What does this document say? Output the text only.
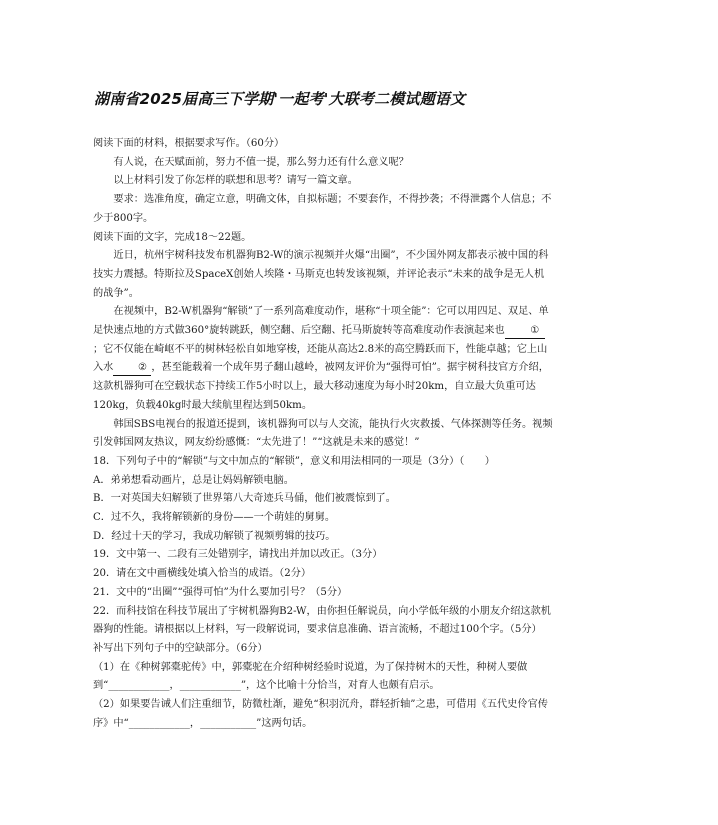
湖南省2025届高三下学期'一起考'大联考二模试题语文

阅读下面的材料，根据要求写作。（60分）

有人说，在天赋面前，努力不值一提，那么努力还有什么意义呢？

以上材料引发了你怎样的联想和思考？请写一篇文章。

要求：选准角度，确定立意，明确文体，自拟标题；不要套作，不得抄袭；不得泄露个人信息；不少于800字。

阅读下面的文字，完成18～22题。

近日，杭州宇树科技发布机器狗B2-W的演示视频并火爆“出圈”，不少国外网友都表示被中国的科技实力震撼。特斯拉及SpaceX创始人埃隆・马斯克也转发该视频，并评论表示“未来的战争是无人机的战争”。

在视频中，B2-W机器狗“解锁”了一系列高难度动作，堪称“十项全能”：它可以用四足、双足、单足快速点地的方式做360°旋转跳跃，侧空翻、后空翻、托马斯旋转等高难度动作表演起来也	①；它不仅能在崎岖不平的树林轻松自如地穿梭，还能从高达2.8米的高空腾跃而下，性能卓越；它上山入水 ② ，甚至能载着一个成年男子翻山越岭，被网友评价为“强得可怕”。据宇树科技官方介绍，这款机器狗可在空载状态下持续工作5小时以上，最大移动速度为每小时20km，自立最大负重可达120kg，负载40kg时最大续航里程达到50km。

韩国SBS电视台的报道还提到，该机器狗可以与人交流，能执行火灾救援、气体探测等任务。视频引发韩国网友热议，网友纷纷感慨：“太先进了！”“这就是未来的感觉！”

18．下列句子中的“解锁”与文中加点的“解锁”，意义和用法相同的一项是（3分）（　　）

A．弟弟想看动画片，总是让妈妈解锁电脑。

B．一对英国夫妇解锁了世界第八大奇迹兵马俑，他们被震惊到了。

C．过不久，我将解锁新的身份——一个萌娃的舅舅。

D．经过十天的学习，我成功解锁了视频剪辑的技巧。

19．文中第一、二段有三处错别字，请找出并加以改正。（3分）

20．请在文中画横线处填入恰当的成语。（2分）

21．文中的“出圈”“强得可怕”为什么要加引号？（5分）

22．而科技馆在科技节展出了宇树机器狗B2-W，由你担任解说员，向小学低年级的小朋友介绍这款机器狗的性能。请根据以上材料，写一段解说词，要求信息准确、语言流畅，不超过100个字。（5分）

补写出下列句子中的空缺部分。（6分）

（1）在《种树郭橐驼传》中，郭橐驼在介绍种树经验时说道，为了保持树木的天性，种树人要做到“____________，____________”，这个比喻十分恰当，对育人也颇有启示。

（2）如果要告诫人们注重细节，防微杜渐，避免“积羽沉舟，群轻折轴”之患，可借用《五代史伶官传序》中“____________，___________”这两句话。
